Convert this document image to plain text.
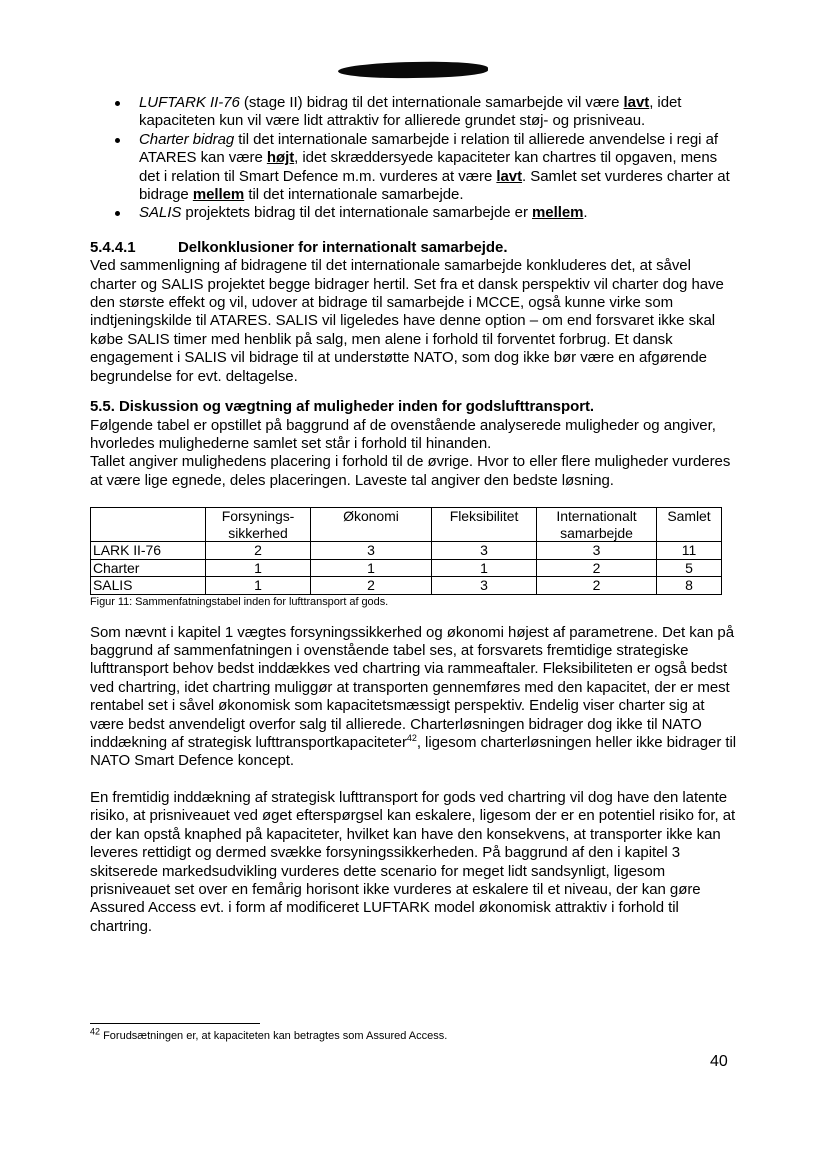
LUFTARK II-76 (stage II) bidrag til det internationale samarbejde vil være lavt, idet kapaciteten kun vil være lidt attraktiv for allierede grundet støj- og prisniveau.
Charter bidrag til det internationale samarbejde i relation til allierede anvendelse i regi af ATARES kan være højt, idet skræddersyede kapaciteter kan chartres til opgaven, mens det i relation til Smart Defence m.m. vurderes at være lavt. Samlet set vurderes charter at bidrage mellem til det internationale samarbejde.
SALIS projektets bidrag til det internationale samarbejde er mellem.
5.4.4.1	Delkonklusioner for internationalt samarbejde.

Ved sammenligning af bidragene til det internationale samarbejde konkluderes det, at såvel charter og SALIS projektet begge bidrager hertil. Set fra et dansk perspektiv vil charter dog have den største effekt og vil, udover at bidrage til samarbejde i MCCE, også kunne virke som indtjeningskilde til ATARES. SALIS vil ligeledes have denne option – om end forsvaret ikke skal købe SALIS timer med henblik på salg, men alene i forhold til forventet forbrug. Et dansk engagement i SALIS vil bidrage til at understøtte NATO, som dog ikke bør være en afgørende begrundelse for evt. deltagelse.

5.5. Diskussion og vægtning af muligheder inden for godslufttransport.

Følgende tabel er opstillet på baggrund af de ovenstående analyserede muligheder og angiver, hvorledes mulighederne samlet set står i forhold til hinanden.

Tallet angiver mulighedens placering i forhold til de øvrige. Hvor to eller flere muligheder vurderes at være lige egnede, deles placeringen. Laveste tal angiver den bedste løsning.

	Forsynings-
sikkerhed	Økonomi	Fleksibilitet	Internationalt
samarbejde	Samlet
LARK II-76	2	3	3	3	11
Charter	1	1	1	2	5
SALIS	1	2	3	2	8
Figur 11: Sammenfatningstabel inden for lufttransport af gods.

Som nævnt i kapitel 1 vægtes forsyningssikkerhed og økonomi højest af parametrene. Det kan på baggrund af sammenfatningen i ovenstående tabel ses, at forsvarets fremtidige strategiske lufttransport behov bedst inddækkes ved chartring via rammeaftaler. Fleksibiliteten er også bedst ved chartring, idet chartring muliggør at transporten gennemføres med den kapacitet, der er mest rentabel set i såvel økonomisk som kapacitetsmæssigt perspektiv. Endelig viser charter sig at være bedst anvendeligt overfor salg til allierede. Charterløsningen bidrager dog ikke til NATO inddækning af strategisk lufttransportkapaciteter$^{42}$, ligesom charterløsningen heller ikke bidrager til NATO Smart Defence koncept.

En fremtidig inddækning af strategisk lufttransport for gods ved chartring vil dog have den latente risiko, at prisniveauet ved øget efterspørgsel kan eskalere, ligesom der er en potentiel risiko for, at der kan opstå knaphed på kapaciteter, hvilket kan have den konsekvens, at transporter ikke kan leveres rettidigt og dermed svække forsyningssikkerheden. På baggrund af den i kapitel 3 skitserede markedsudvikling vurderes dette scenario for meget lidt sandsynligt, ligesom prisniveauet set over en femårig horisont ikke vurderes at eskalere til et niveau, der kan gøre Assured Access evt. i form af modificeret LUFTARK model økonomisk attraktiv i forhold til chartring.

$^{42}$ Forudsætningen er, at kapaciteten kan betragtes som Assured Access.
40
